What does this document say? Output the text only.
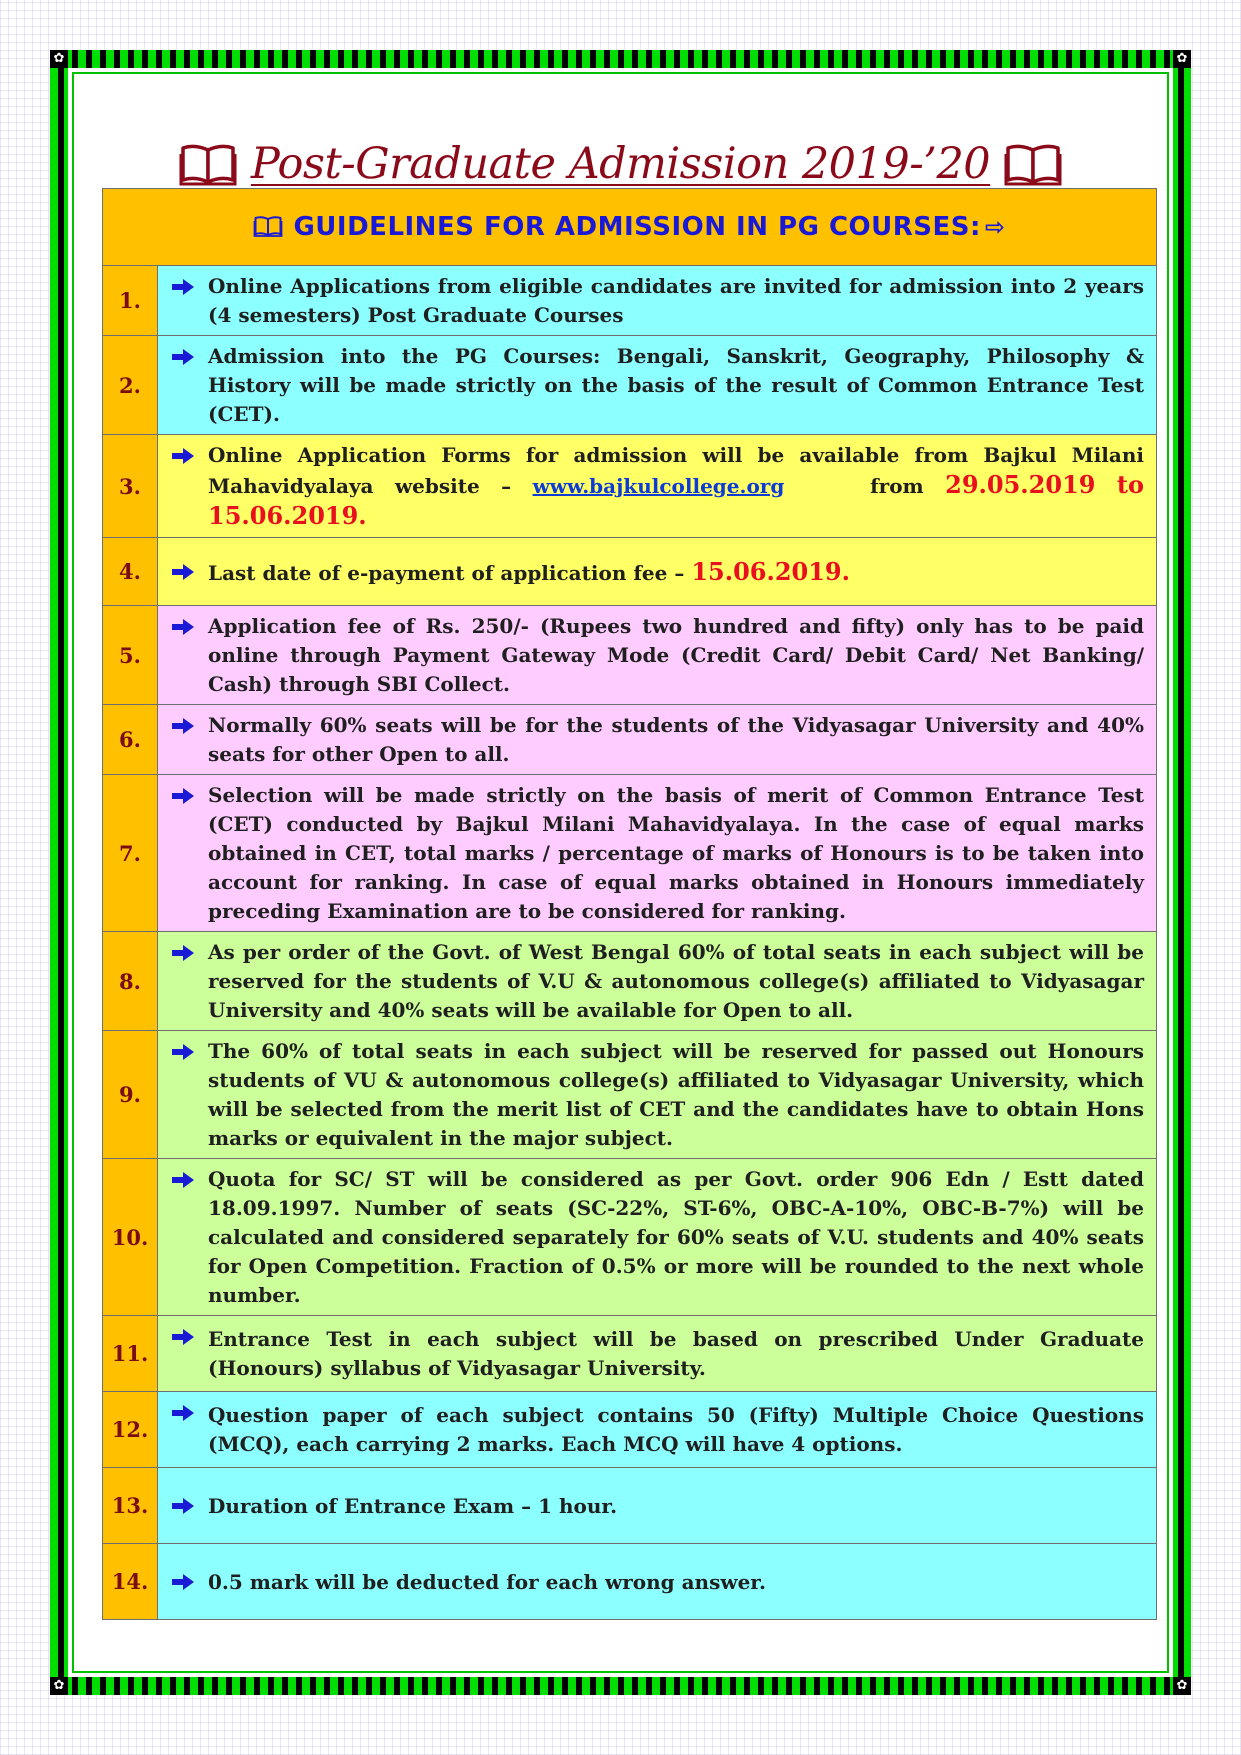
✿	✿
✿	✿
Post-Graduate Admission 2019-’20
GUIDELINES FOR ADMISSION IN PG COURSES: ⇨	
1.	Online Applications from eligible candidates are invited for admission into 2 years (4 semesters) Post Graduate Courses

2.	Admission into the PG Courses: Bengali, Sanskrit, Geography, Philosophy & History will be made strictly on the basis of the result of Common Entrance Test (CET).

3.	Online Application Forms for admission will be available from Bajkul Milani Mahavidyalaya website – www.bajkulcollege.org from 29.05.2019 to 15.06.2019.

4.	Last date of e-payment of application fee – 15.06.2019.

5.	Application fee of Rs. 250/- (Rupees two hundred and fifty) only has to be paid online through Payment Gateway Mode (Credit Card/ Debit Card/ Net Banking/ Cash) through SBI Collect.

6.	Normally 60% seats will be for the students of the Vidyasagar University and 40% seats for other Open to all.

7.	Selection will be made strictly on the basis of merit of Common Entrance Test (CET) conducted by Bajkul Milani Mahavidyalaya. In the case of equal marks obtained in CET, total marks / percentage of marks of Honours is to be taken into account for ranking. In case of equal marks obtained in Honours immediately preceding Examination are to be considered for ranking.

8.	As per order of the Govt. of West Bengal 60% of total seats in each subject will be reserved for the students of V.U & autonomous college(s) affiliated to Vidyasagar University and 40% seats will be available for Open to all.

9.	The 60% of total seats in each subject will be reserved for passed out Honours students of VU & autonomous college(s) affiliated to Vidyasagar University, which will be selected from the merit list of CET and the candidates have to obtain Hons marks or equivalent in the major subject.

10.	Quota for SC/ ST will be considered as per Govt. order 906 Edn / Estt dated 18.09.1997. Number of seats (SC-22%, ST-6%, OBC-A-10%, OBC-B-7%) will be calculated and considered separately for 60% seats of V.U. students and 40% seats for Open Competition. Fraction of 0.5% or more will be rounded to the next whole number.

11.	Entrance Test in each subject will be based on prescribed Under Graduate (Honours) syllabus of Vidyasagar University.

12.	Question paper of each subject contains 50 (Fifty) Multiple Choice Questions (MCQ), each carrying 2 marks. Each MCQ will have 4 options.

13.	Duration of Entrance Exam – 1 hour.

14.	0.5 mark will be deducted for each wrong answer.
